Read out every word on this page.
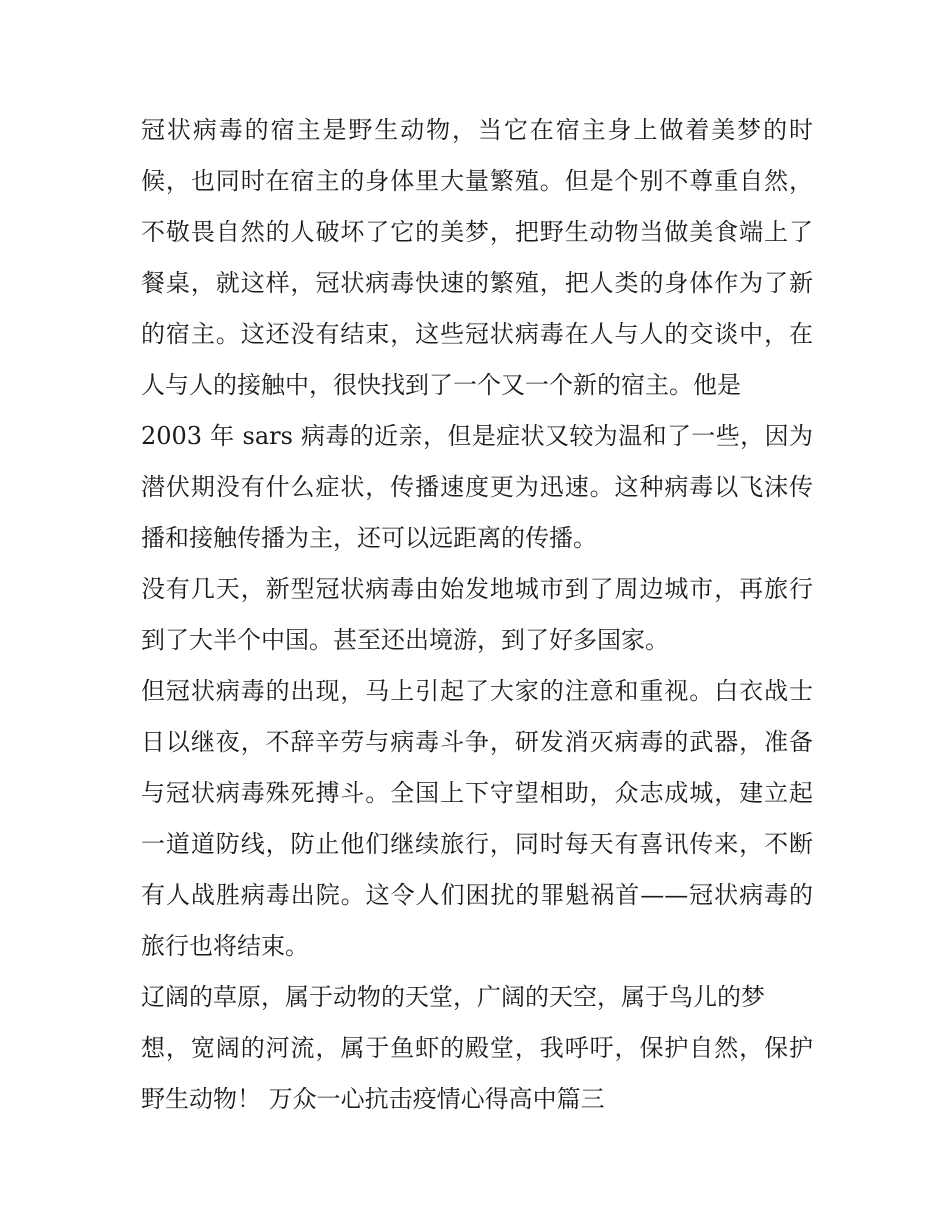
冠状病毒的宿主是野生动物，当它在宿主身上做着美梦的时
候，也同时在宿主的身体里大量繁殖。但是个别不尊重自然，
不敬畏自然的人破坏了它的美梦，把野生动物当做美食端上了
餐桌，就这样，冠状病毒快速的繁殖，把人类的身体作为了新
的宿主。这还没有结束，这些冠状病毒在人与人的交谈中，在
人与人的接触中，很快找到了一个又一个新的宿主。他是
2003 年 sars 病毒的近亲，但是症状又较为温和了一些，因为
潜伏期没有什么症状，传播速度更为迅速。这种病毒以飞沫传
播和接触传播为主，还可以远距离的传播。
没有几天，新型冠状病毒由始发地城市到了周边城市，再旅行
到了大半个中国。甚至还出境游，到了好多国家。
但冠状病毒的出现，马上引起了大家的注意和重视。白衣战士
日以继夜，不辞辛劳与病毒斗争，研发消灭病毒的武器，准备
与冠状病毒殊死搏斗。全国上下守望相助，众志成城，建立起
一道道防线，防止他们继续旅行，同时每天有喜讯传来，不断
有人战胜病毒出院。这令人们困扰的罪魁祸首——冠状病毒的
旅行也将结束。
辽阔的草原，属于动物的天堂，广阔的天空，属于鸟儿的梦
想，宽阔的河流，属于鱼虾的殿堂，我呼吁，保护自然，保护
野生动物！ 万众一心抗击疫情心得高中篇三
